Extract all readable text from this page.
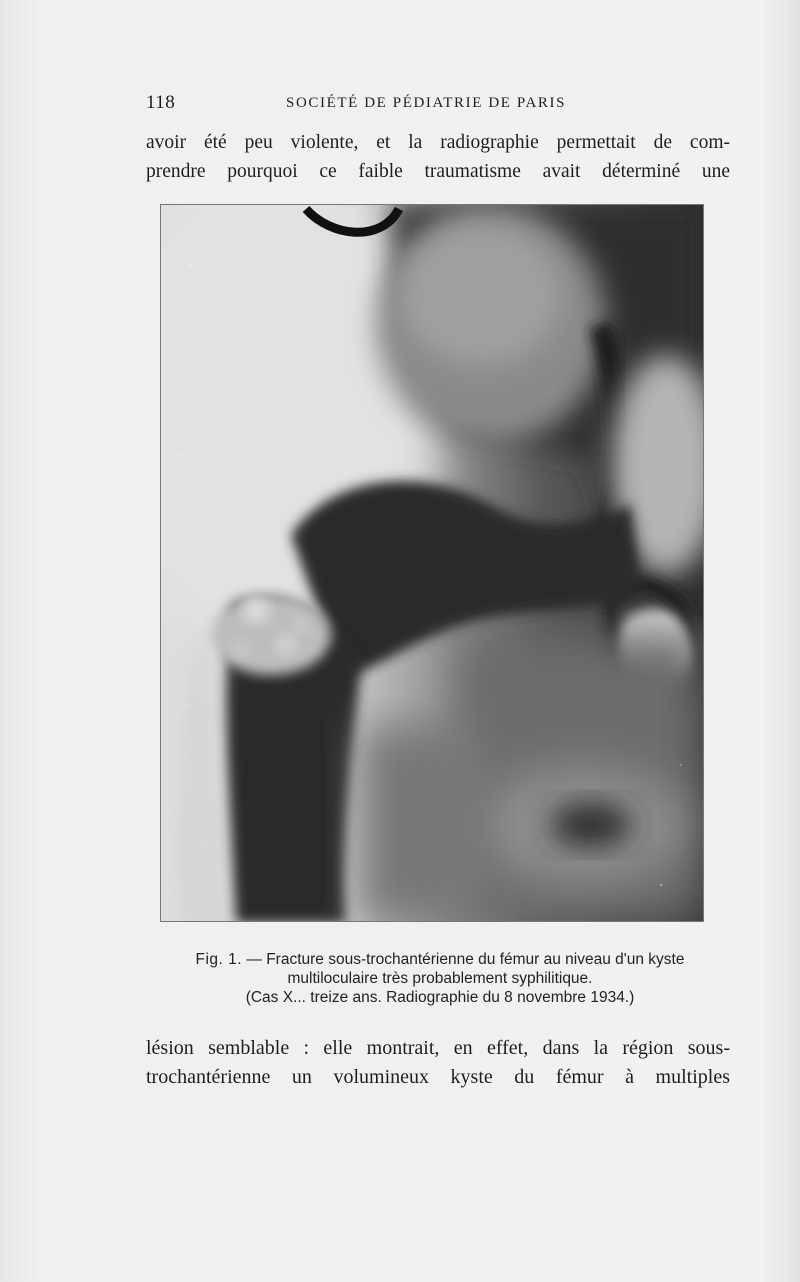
118	SOCIÉTÉ DE PÉDIATRIE DE PARIS
avoir été peu violente, et la radiographie permettait de com-
prendre pourquoi ce faible traumatisme avait déterminé une
Fig. 1. — Fracture sous-trochantérienne du fémur au niveau d'un kyste
multiloculaire très probablement syphilitique.
(Cas X... treize ans. Radiographie du 8 novembre 1934.)
lésion semblable : elle montrait, en effet, dans la région sous-
trochantérienne un volumineux kyste du fémur à multiples
